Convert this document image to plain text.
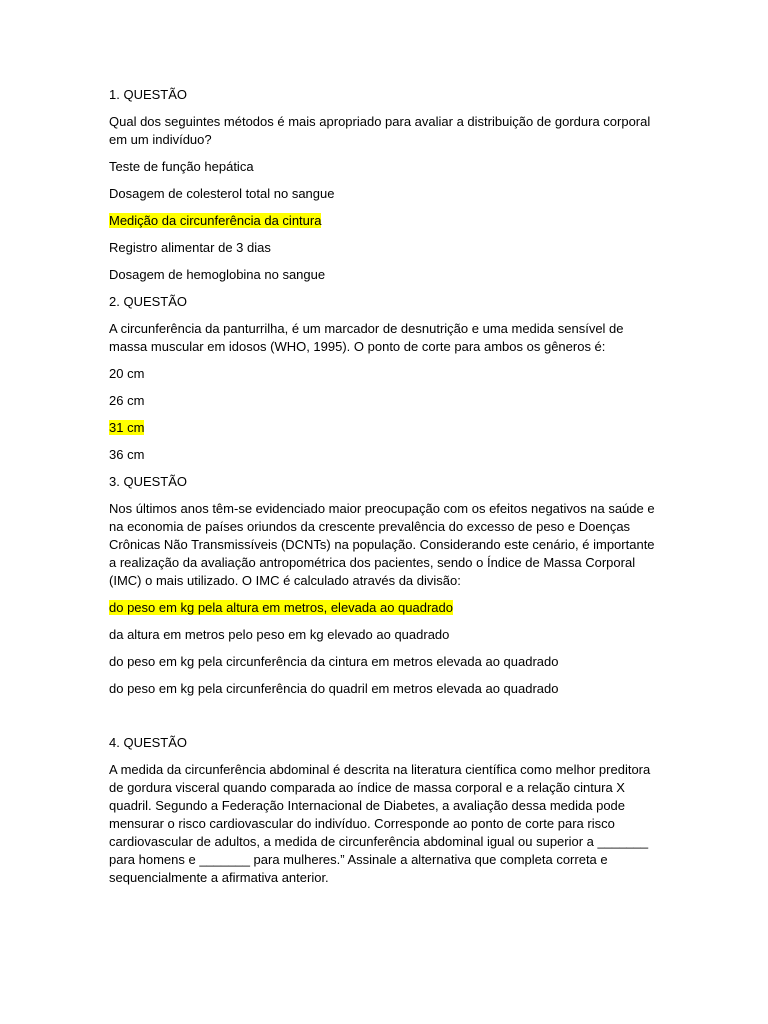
1. QUESTÃO

Qual dos seguintes métodos é mais apropriado para avaliar a distribuição de gordura corporal em um indivíduo?

Teste de função hepática

Dosagem de colesterol total no sangue

Medição da circunferência da cintura

Registro alimentar de 3 dias

Dosagem de hemoglobina no sangue

2. QUESTÃO

A circunferência da panturrilha, é um marcador de desnutrição e uma medida sensível de massa muscular em idosos (WHO, 1995). O ponto de corte para ambos os gêneros é:

20 cm

26 cm

31 cm

36 cm

3. QUESTÃO

Nos últimos anos têm-se evidenciado maior preocupação com os efeitos negativos na saúde e na economia de países oriundos da crescente prevalência do excesso de peso e Doenças Crônicas Não Transmissíveis (DCNTs) na população. Considerando este cenário, é importante a realização da avaliação antropométrica dos pacientes, sendo o Índice de Massa Corporal (IMC) o mais utilizado. O IMC é calculado através da divisão:

do peso em kg pela altura em metros, elevada ao quadrado

da altura em metros pelo peso em kg elevado ao quadrado

do peso em kg pela circunferência da cintura em metros elevada ao quadrado

do peso em kg pela circunferência do quadril em metros elevada ao quadrado

4. QUESTÃO

A medida da circunferência abdominal é descrita na literatura científica como melhor preditora de gordura visceral quando comparada ao índice de massa corporal e a relação cintura X quadril. Segundo a Federação Internacional de Diabetes, a avaliação dessa medida pode mensurar o risco cardiovascular do indivíduo. Corresponde ao ponto de corte para risco cardiovascular de adultos, a medida de circunferência abdominal igual ou superior a _______ para homens e _______ para mulheres.” Assinale a alternativa que completa correta e sequencialmente a afirmativa anterior.
